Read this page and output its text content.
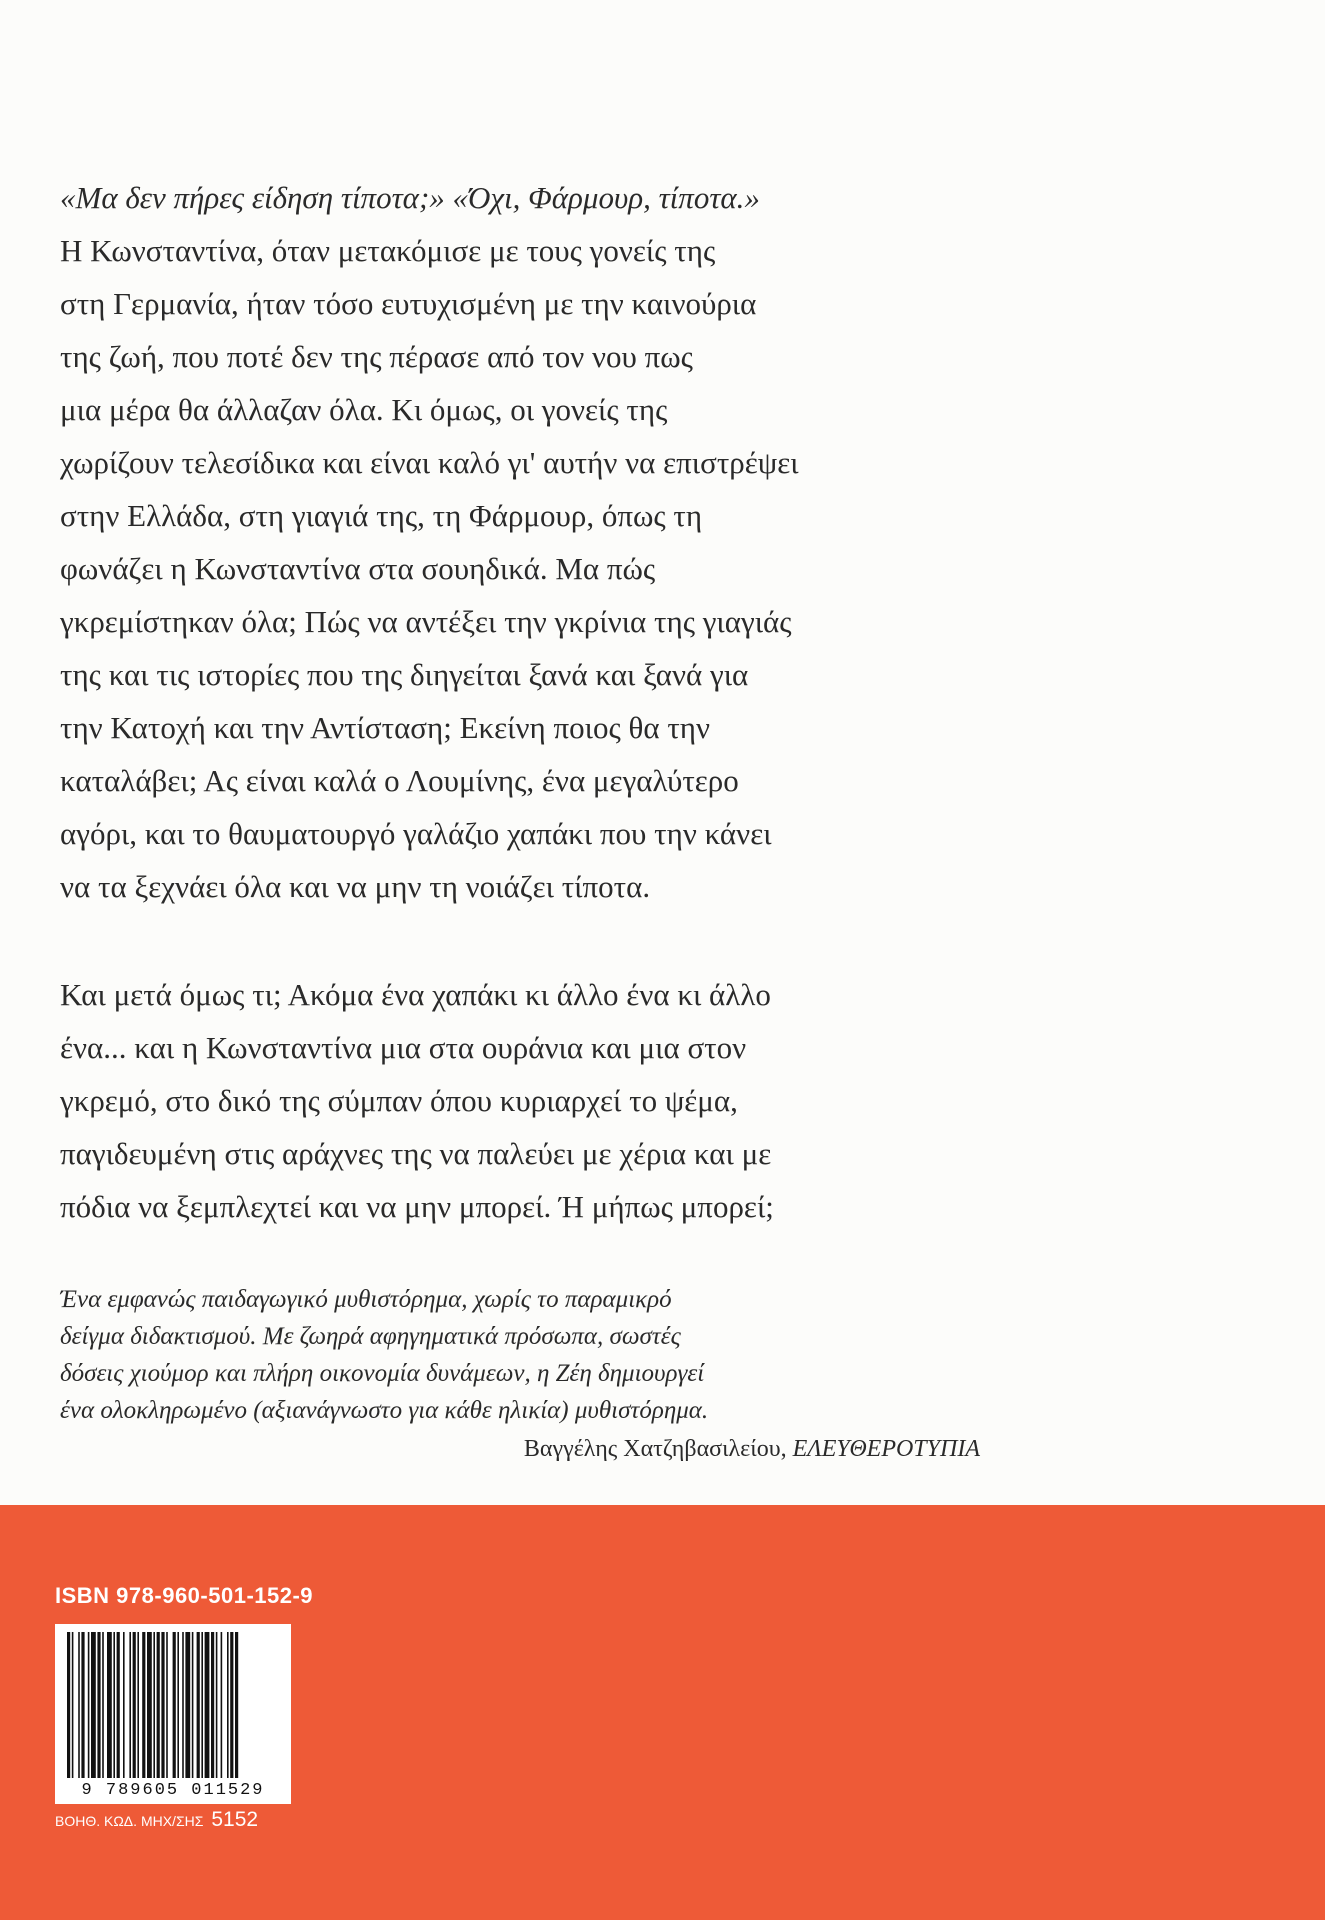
«Μα δεν πήρες είδηση τίποτα;» «Όχι, Φάρμουρ, τίποτα.»
Η Κωνσταντίνα, όταν μετακόμισε με τους γονείς της
στη Γερμανία, ήταν τόσο ευτυχισμένη με την καινούρια
της ζωή, που ποτέ δεν της πέρασε από τον νου πως
μια μέρα θα άλλαζαν όλα. Κι όμως, οι γονείς της
χωρίζουν τελεσίδικα και είναι καλό γι' αυτήν να επιστρέψει
στην Ελλάδα, στη γιαγιά της, τη Φάρμουρ, όπως τη
φωνάζει η Κωνσταντίνα στα σουηδικά. Μα πώς
γκρεμίστηκαν όλα; Πώς να αντέξει την γκρίνια της γιαγιάς
της και τις ιστορίες που της διηγείται ξανά και ξανά για
την Κατοχή και την Αντίσταση; Εκείνη ποιος θα την
καταλάβει; Ας είναι καλά ο Λουμίνης, ένα μεγαλύτερο
αγόρι, και το θαυματουργό γαλάζιο χαπάκι που την κάνει
να τα ξεχνάει όλα και να μην τη νοιάζει τίποτα.
Και μετά όμως τι; Ακόμα ένα χαπάκι κι άλλο ένα κι άλλο
ένα... και η Κωνσταντίνα μια στα ουράνια και μια στον
γκρεμό, στο δικό της σύμπαν όπου κυριαρχεί το ψέμα,
παγιδευμένη στις αράχνες της να παλεύει με χέρια και με
πόδια να ξεμπλεχτεί και να μην μπορεί. Ή μήπως μπορεί;
Ένα εμφανώς παιδαγωγικό μυθιστόρημα, χωρίς το παραμικρό
δείγμα διδακτισμού. Με ζωηρά αφηγηματικά πρόσωπα, σωστές
δόσεις χιούμορ και πλήρη οικονομία δυνάμεων, η Ζέη δημιουργεί
ένα ολοκληρωμένο (αξιανάγνωστο για κάθε ηλικία) μυθιστόρημα.
Βαγγέλης Χατζηβασιλείου, ΕΛΕΥΘΕΡΟΤΥΠΙΑ
ISBN 978-960-501-152-9
9 789605 011529
ΒΟΗΘ. ΚΩΔ. ΜΗΧ/ΣΗΣ 5152
